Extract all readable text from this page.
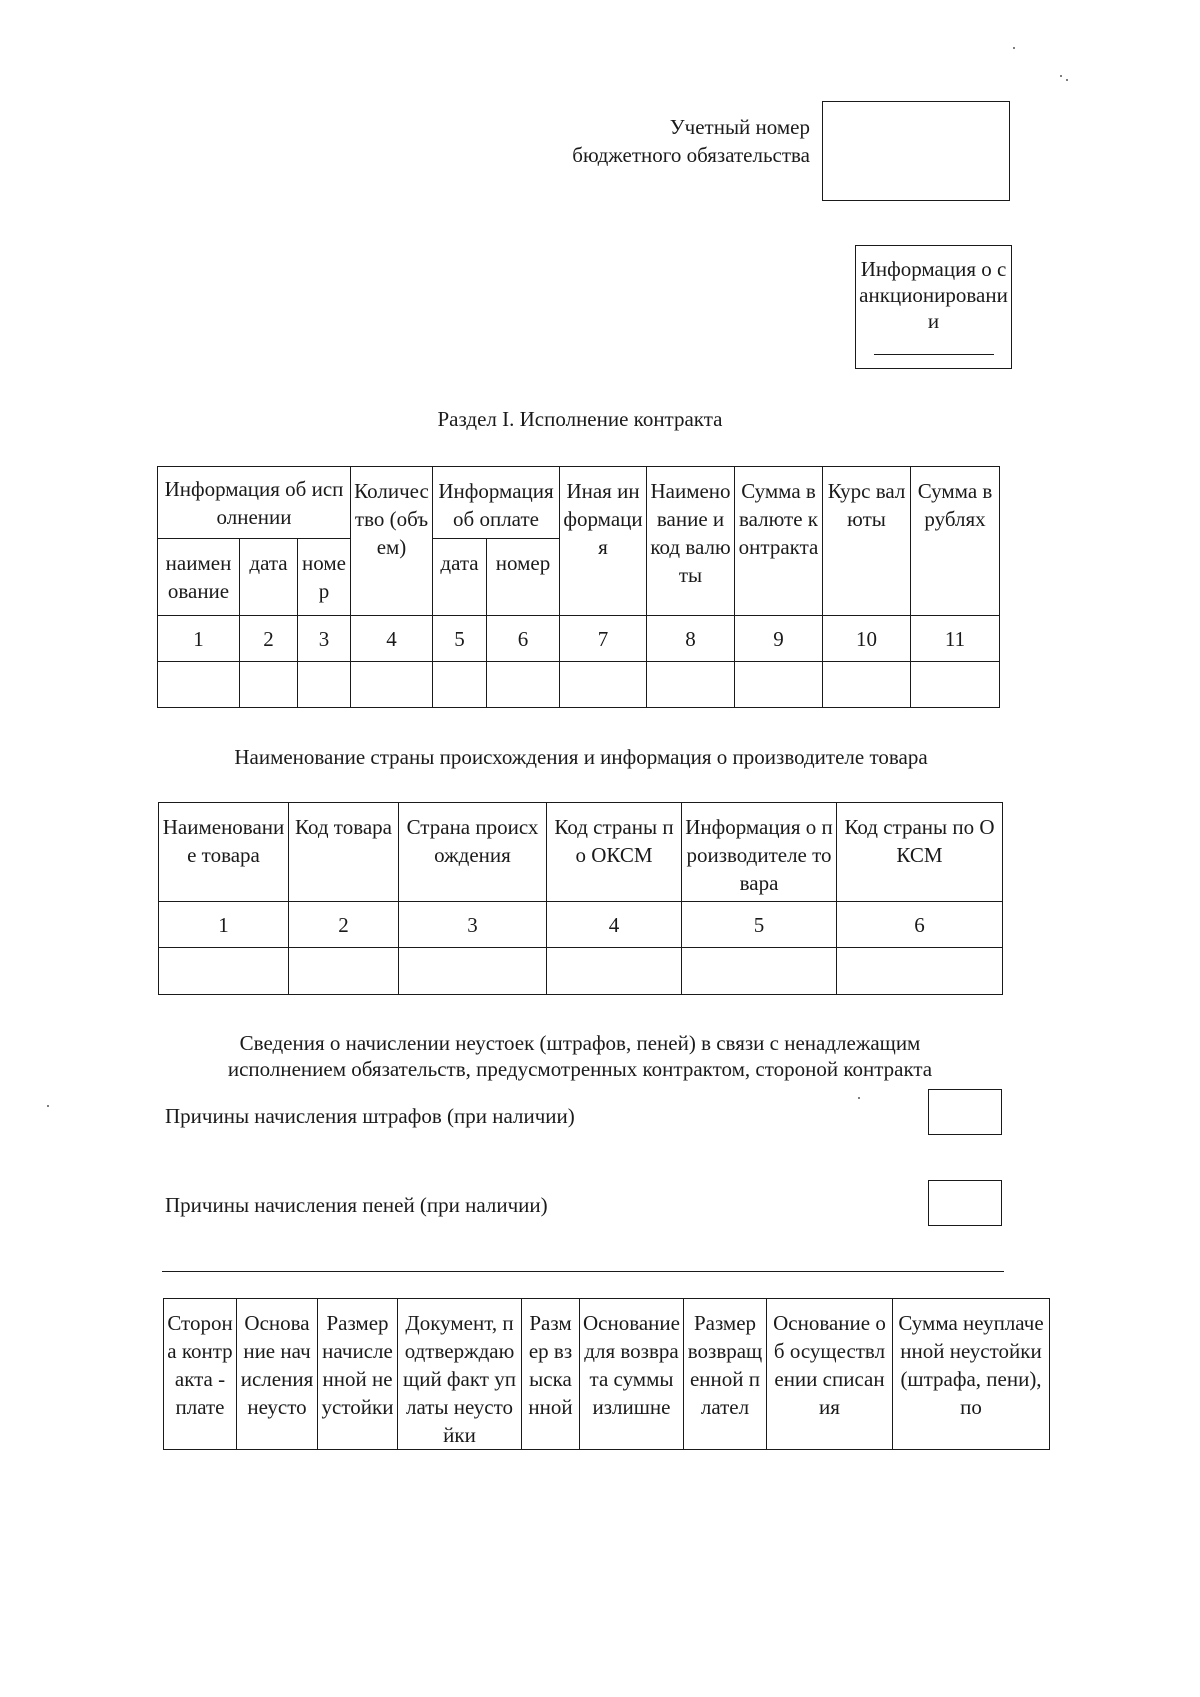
Учетный номер бюджетного обязательства
Информация о санкционировании
Раздел I. Исполнение контракта
Информация об исполнении			Количество (объем)	Информация об оплате		Иная информация	Наименование и код валюты	Сумма в валюте контракта	Курс валюты	Сумма в рублях
наименование	дата	номер		дата	номер					
1	2	3	4	5	6	7	8	9	10	11

Наименование страны происхождения и информация о производителе товара
Наименование товара	Код товара	Страна происхождения	Код страны по ОКСМ	Информация о производителе товара	Код страны по ОКСМ
1	2	3	4	5	6

Сведения о начислении неустоек (штрафов, пеней) в связи с ненадлежащим
исполнением обязательств, предусмотренных контрактом, стороной контракта
Причины начисления штрафов (при наличии)
Причины начисления пеней (при наличии)
Сторона контракта - плате	Основание начисления неусто	Размер начисленной неустойки	Документ, подтверждающий факт уплаты неустойки	Размер взысканной	Основание для возврата суммы излишне	Размер возвращенной плател	Основание об осуществлении списания	Сумма неуплаченной неустойки (штрафа, пени), по
